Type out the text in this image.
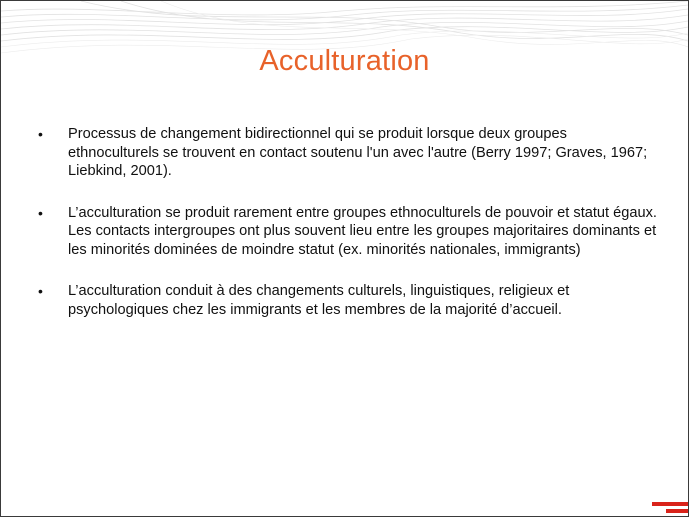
Acculturation
•	Processus de changement bidirectionnel qui se produit lorsque deux groupes ethnoculturels se trouvent en contact soutenu l'un avec l'autre (Berry 1997; Graves, 1967; Liebkind, 2001).
•	L’acculturation se produit rarement entre groupes ethnoculturels de pouvoir et statut égaux. Les contacts intergroupes ont plus souvent lieu entre les groupes majoritaires dominants et les minorités dominées de moindre statut (ex. minorités nationales, immigrants)
•	L’acculturation conduit à des changements culturels, linguistiques, religieux et psychologiques chez les immigrants et les membres de la majorité d’accueil.
